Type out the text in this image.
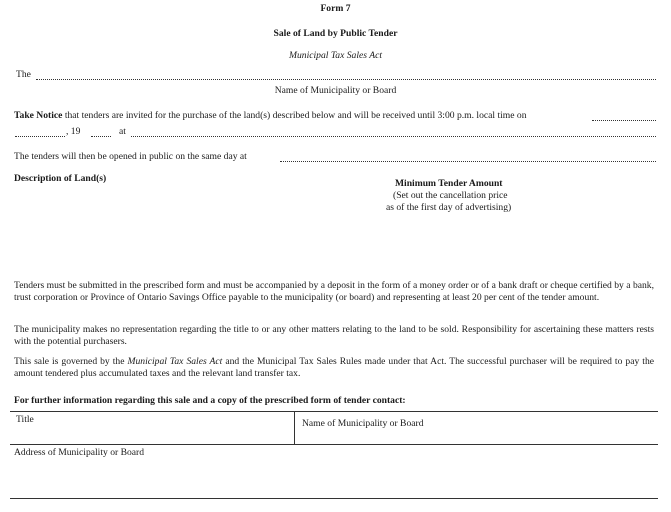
Form 7
Sale of Land by Public Tender
Municipal Tax Sales Act
The
Name of Municipality or Board
Take Notice that tenders are invited for the purchase of the land(s) described below and will be received until 3:00 p.m. local time on
, 19	at
The tenders will then be opened in public on the same day at
Description of Land(s)	Minimum Tender Amount
(Set out the cancellation price
as of the first day of advertising)
Tenders must be submitted in the prescribed form and must be accompanied by a deposit in the form of a money order or of a bank draft or cheque certified by a bank, trust corporation or Province of Ontario Savings Office payable to the municipality (or board) and representing at least 20 per cent of the tender amount.
The municipality makes no representation regarding the title to or any other matters relating to the land to be sold. Responsibility for ascertaining these matters rests with the potential purchasers.
This sale is governed by the Municipal Tax Sales Act and the Municipal Tax Sales Rules made under that Act. The successful purchaser will be required to pay the amount tendered plus accumulated taxes and the relevant land transfer tax.
For further information regarding this sale and a copy of the prescribed form of tender contact:
Title	Name of Municipality or Board
Address of Municipality or Board
